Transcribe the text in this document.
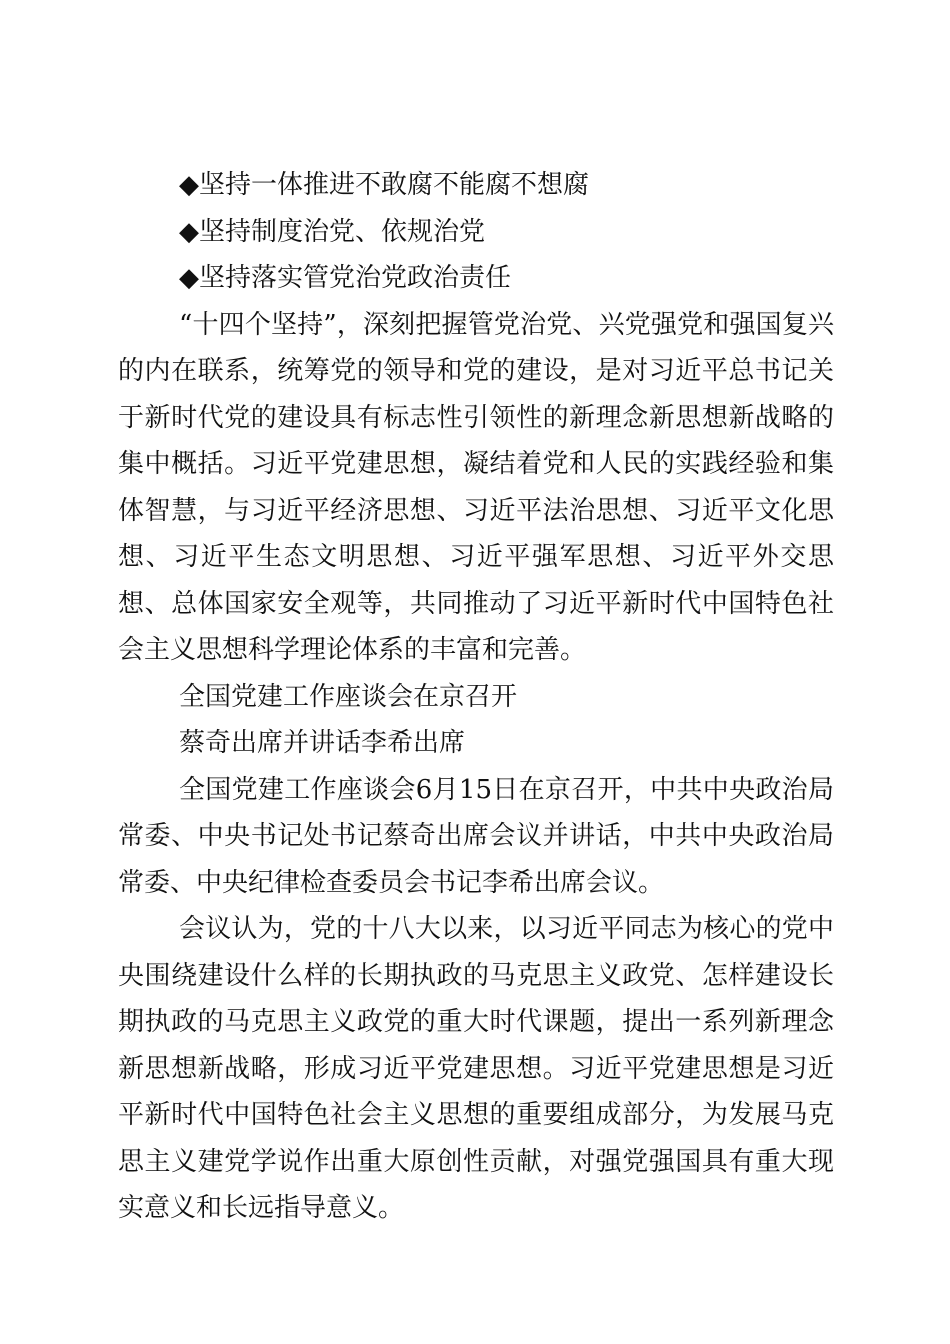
◆坚持一体推进不敢腐不能腐不想腐

◆坚持制度治党、依规治党

◆坚持落实管党治党政治责任

“十四个坚持”，深刻把握管党治党、兴党强党和强国复兴的内在联系，统筹党的领导和党的建设，是对习近平总书记关于新时代党的建设具有标志性引领性的新理念新思想新战略的集中概括。习近平党建思想，凝结着党和人民的实践经验和集体智慧，与习近平经济思想、习近平法治思想、习近平文化思想、习近平生态文明思想、习近平强军思想、习近平外交思想、总体国家安全观等，共同推动了习近平新时代中国特色社会主义思想科学理论体系的丰富和完善。

全国党建工作座谈会在京召开

蔡奇出席并讲话李希出席

全国党建工作座谈会6月15日在京召开，中共中央政治局常委、中央书记处书记蔡奇出席会议并讲话，中共中央政治局常委、中央纪律检查委员会书记李希出席会议。

会议认为，党的十八大以来，以习近平同志为核心的党中央围绕建设什么样的长期执政的马克思主义政党、怎样建设长期执政的马克思主义政党的重大时代课题，提出一系列新理念新思想新战略，形成习近平党建思想。习近平党建思想是习近平新时代中国特色社会主义思想的重要组成部分，为发展马克思主义建党学说作出重大原创性贡献，对强党强国具有重大现实意义和长远指导意义。
